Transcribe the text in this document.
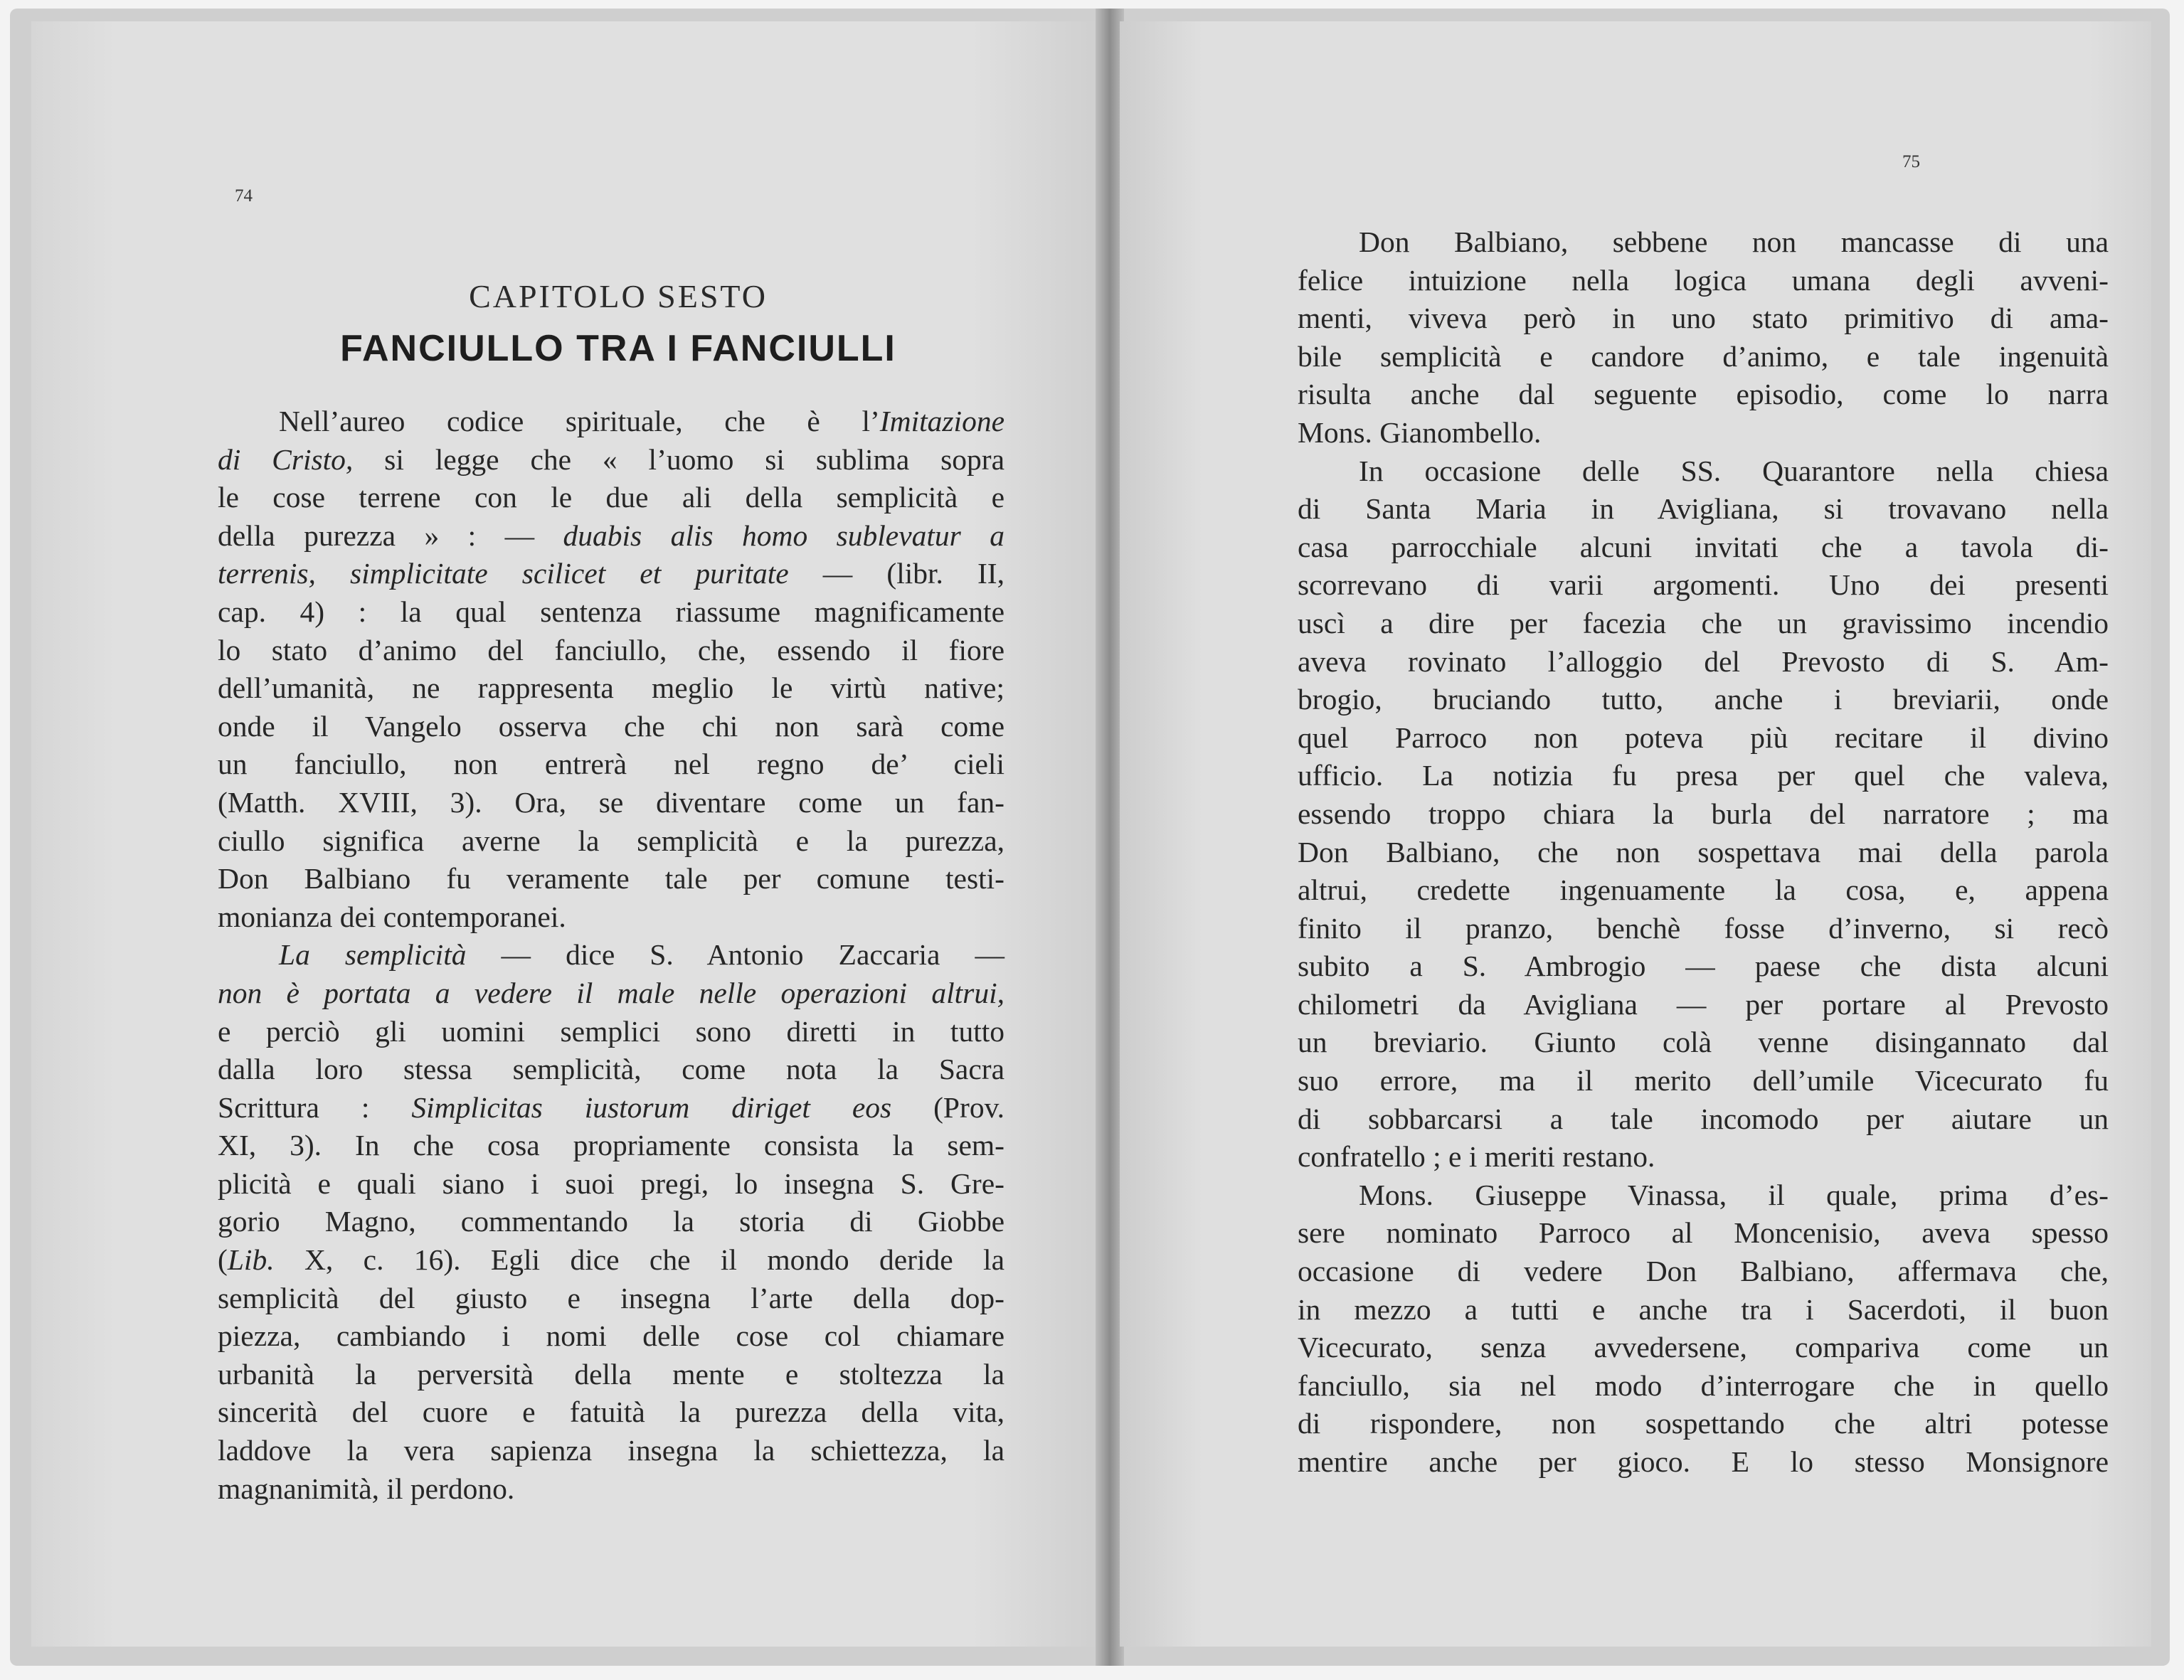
74
CAPITOLO SESTO
FANCIULLO TRA I FANCIULLI
Nell’aureo codice spirituale, che è l’Imitazione
di Cristo, si legge che « l’uomo si sublima sopra
le cose terrene con le due ali della semplicità e
della purezza » : — duabis alis homo sublevatur a
terrenis, simplicitate scilicet et puritate — (libr. II,
cap. 4) : la qual sentenza riassume magnificamente
lo stato d’animo del fanciullo, che, essendo il fiore
dell’umanità, ne rappresenta meglio le virtù native;
onde il Vangelo osserva che chi non sarà come
un fanciullo, non entrerà nel regno de’ cieli
(Matth. XVIII, 3). Ora, se diventare come un fan-
ciullo significa averne la semplicità e la purezza,
Don Balbiano fu veramente tale per comune testi-
monianza dei contemporanei.
La semplicità — dice S. Antonio Zaccaria —
non è portata a vedere il male nelle operazioni altrui,
e perciò gli uomini semplici sono diretti in tutto
dalla loro stessa semplicità, come nota la Sacra
Scrittura : Simplicitas iustorum diriget eos (Prov.
XI, 3). In che cosa propriamente consista la sem-
plicità e quali siano i suoi pregi, lo insegna S. Gre-
gorio Magno, commentando la storia di Giobbe
(Lib. X, c. 16). Egli dice che il mondo deride la
semplicità del giusto e insegna l’arte della dop-
piezza, cambiando i nomi delle cose col chiamare
urbanità la perversità della mente e stoltezza la
sincerità del cuore e fatuità la purezza della vita,
laddove la vera sapienza insegna la schiettezza, la
magnanimità, il perdono.
75
Don Balbiano, sebbene non mancasse di una
felice intuizione nella logica umana degli avveni-
menti, viveva però in uno stato primitivo di ama-
bile semplicità e candore d’animo, e tale ingenuità
risulta anche dal seguente episodio, come lo narra
Mons. Gianombello.
In occasione delle SS. Quarantore nella chiesa
di Santa Maria in Avigliana, si trovavano nella
casa parrocchiale alcuni invitati che a tavola di-
scorrevano di varii argomenti. Uno dei presenti
uscì a dire per facezia che un gravissimo incendio
aveva rovinato l’alloggio del Prevosto di S. Am-
brogio, bruciando tutto, anche i breviarii, onde
quel Parroco non poteva più recitare il divino
ufficio. La notizia fu presa per quel che valeva,
essendo troppo chiara la burla del narratore ; ma
Don Balbiano, che non sospettava mai della parola
altrui, credette ingenuamente la cosa, e, appena
finito il pranzo, benchè fosse d’inverno, si recò
subito a S. Ambrogio — paese che dista alcuni
chilometri da Avigliana — per portare al Prevosto
un breviario. Giunto colà venne disingannato dal
suo errore, ma il merito dell’umile Vicecurato fu
di sobbarcarsi a tale incomodo per aiutare un
confratello ; e i meriti restano.
Mons. Giuseppe Vinassa, il quale, prima d’es-
sere nominato Parroco al Moncenisio, aveva spesso
occasione di vedere Don Balbiano, affermava che,
in mezzo a tutti e anche tra i Sacerdoti, il buon
Vicecurato, senza avvedersene, compariva come un
fanciullo, sia nel modo d’interrogare che in quello
di rispondere, non sospettando che altri potesse
mentire anche per gioco. E lo stesso Monsignore
